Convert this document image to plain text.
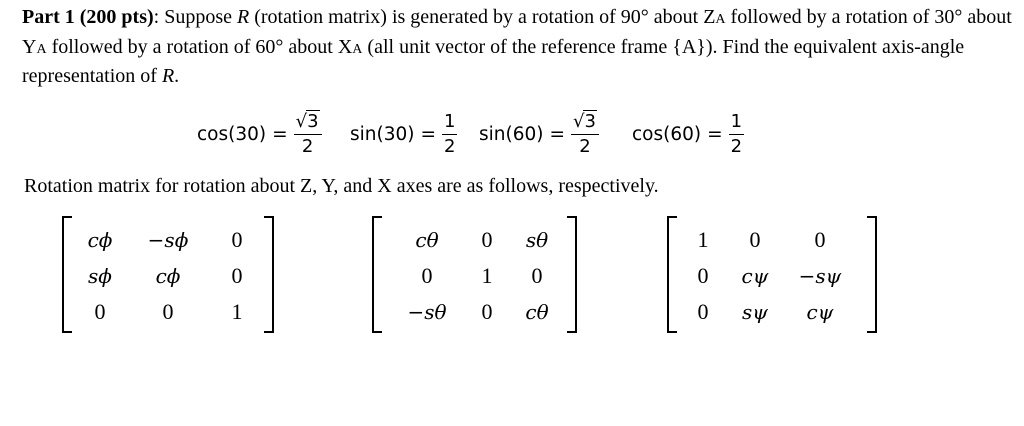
Part 1 (200 pts): Suppose R (rotation matrix) is generated by a rotation of 90° about ZA followed by a rotation of 30° about YA followed by a rotation of 60° about XA (all unit vector of the reference frame {A}). Find the equivalent axis-angle representation of R.
$\cos(30) = \frac{√3}{2} \sin(30) = \frac{1}{2} \sin(60) = \frac{√3}{2} \cos(60) = \frac{1}{2}$
Rotation matrix for rotation about Z, Y, and X axes are as follows, respectively.
cϕ	−sϕ	0
sϕ	cϕ	0
0	0	1
cθ	0	sθ
0	1	0
−sθ	0	cθ
1	0	0
0	cψ	−sψ
0	sψ	cψ
